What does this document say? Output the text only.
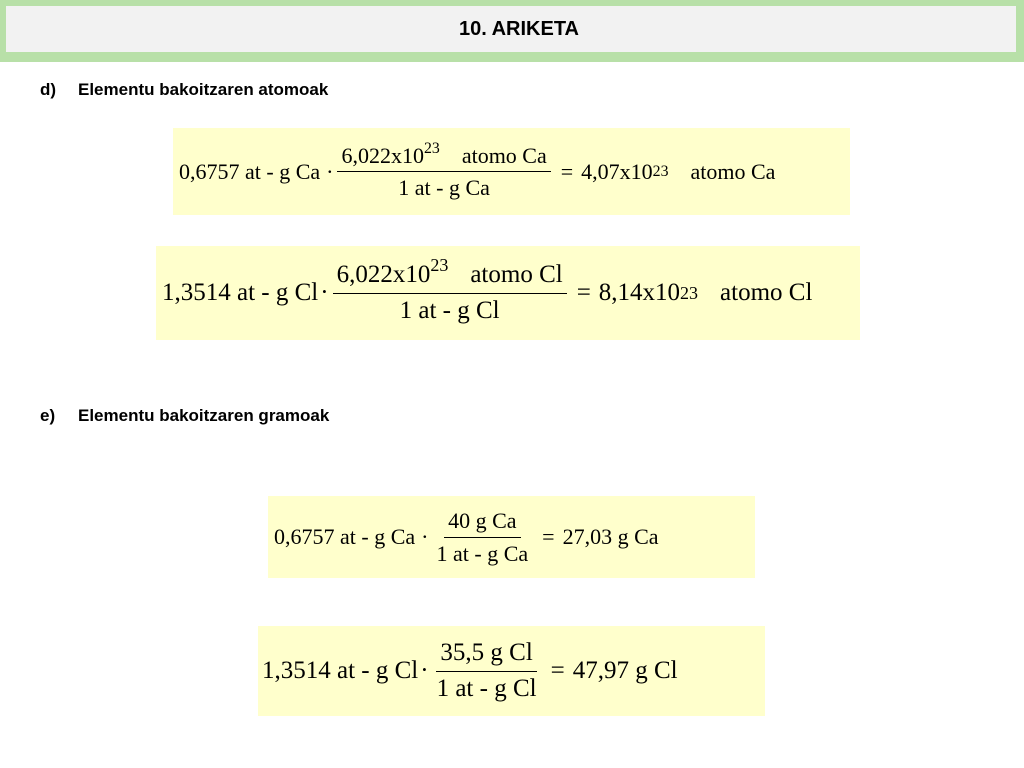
10. ARIKETA
d) Elementu bakoitzaren atomoak
0,6757 at - g $Ca \cdot \frac{6,022x10^{23} atomo Ca}{\text{1 at - g Ca}} = 4,07x10$ 23 atomo Ca
1,3514 at - g $Cl \cdot \frac{6,022x10^{23} atomo Cl}{\text{1 at - g Cl}} = 8,14x10$ 23 atomo Cl
e) Elementu bakoitzaren gramoak
0,6757 at - g $Ca \cdot \frac{\text{40 g Ca}}{\text{1 at - g Ca}} = 27,03$ g Ca
1,3514 at - g $Cl \cdot \frac{\text{35,5 g Cl}}{\text{1 at - g Cl}} = 47,97$ g Cl
